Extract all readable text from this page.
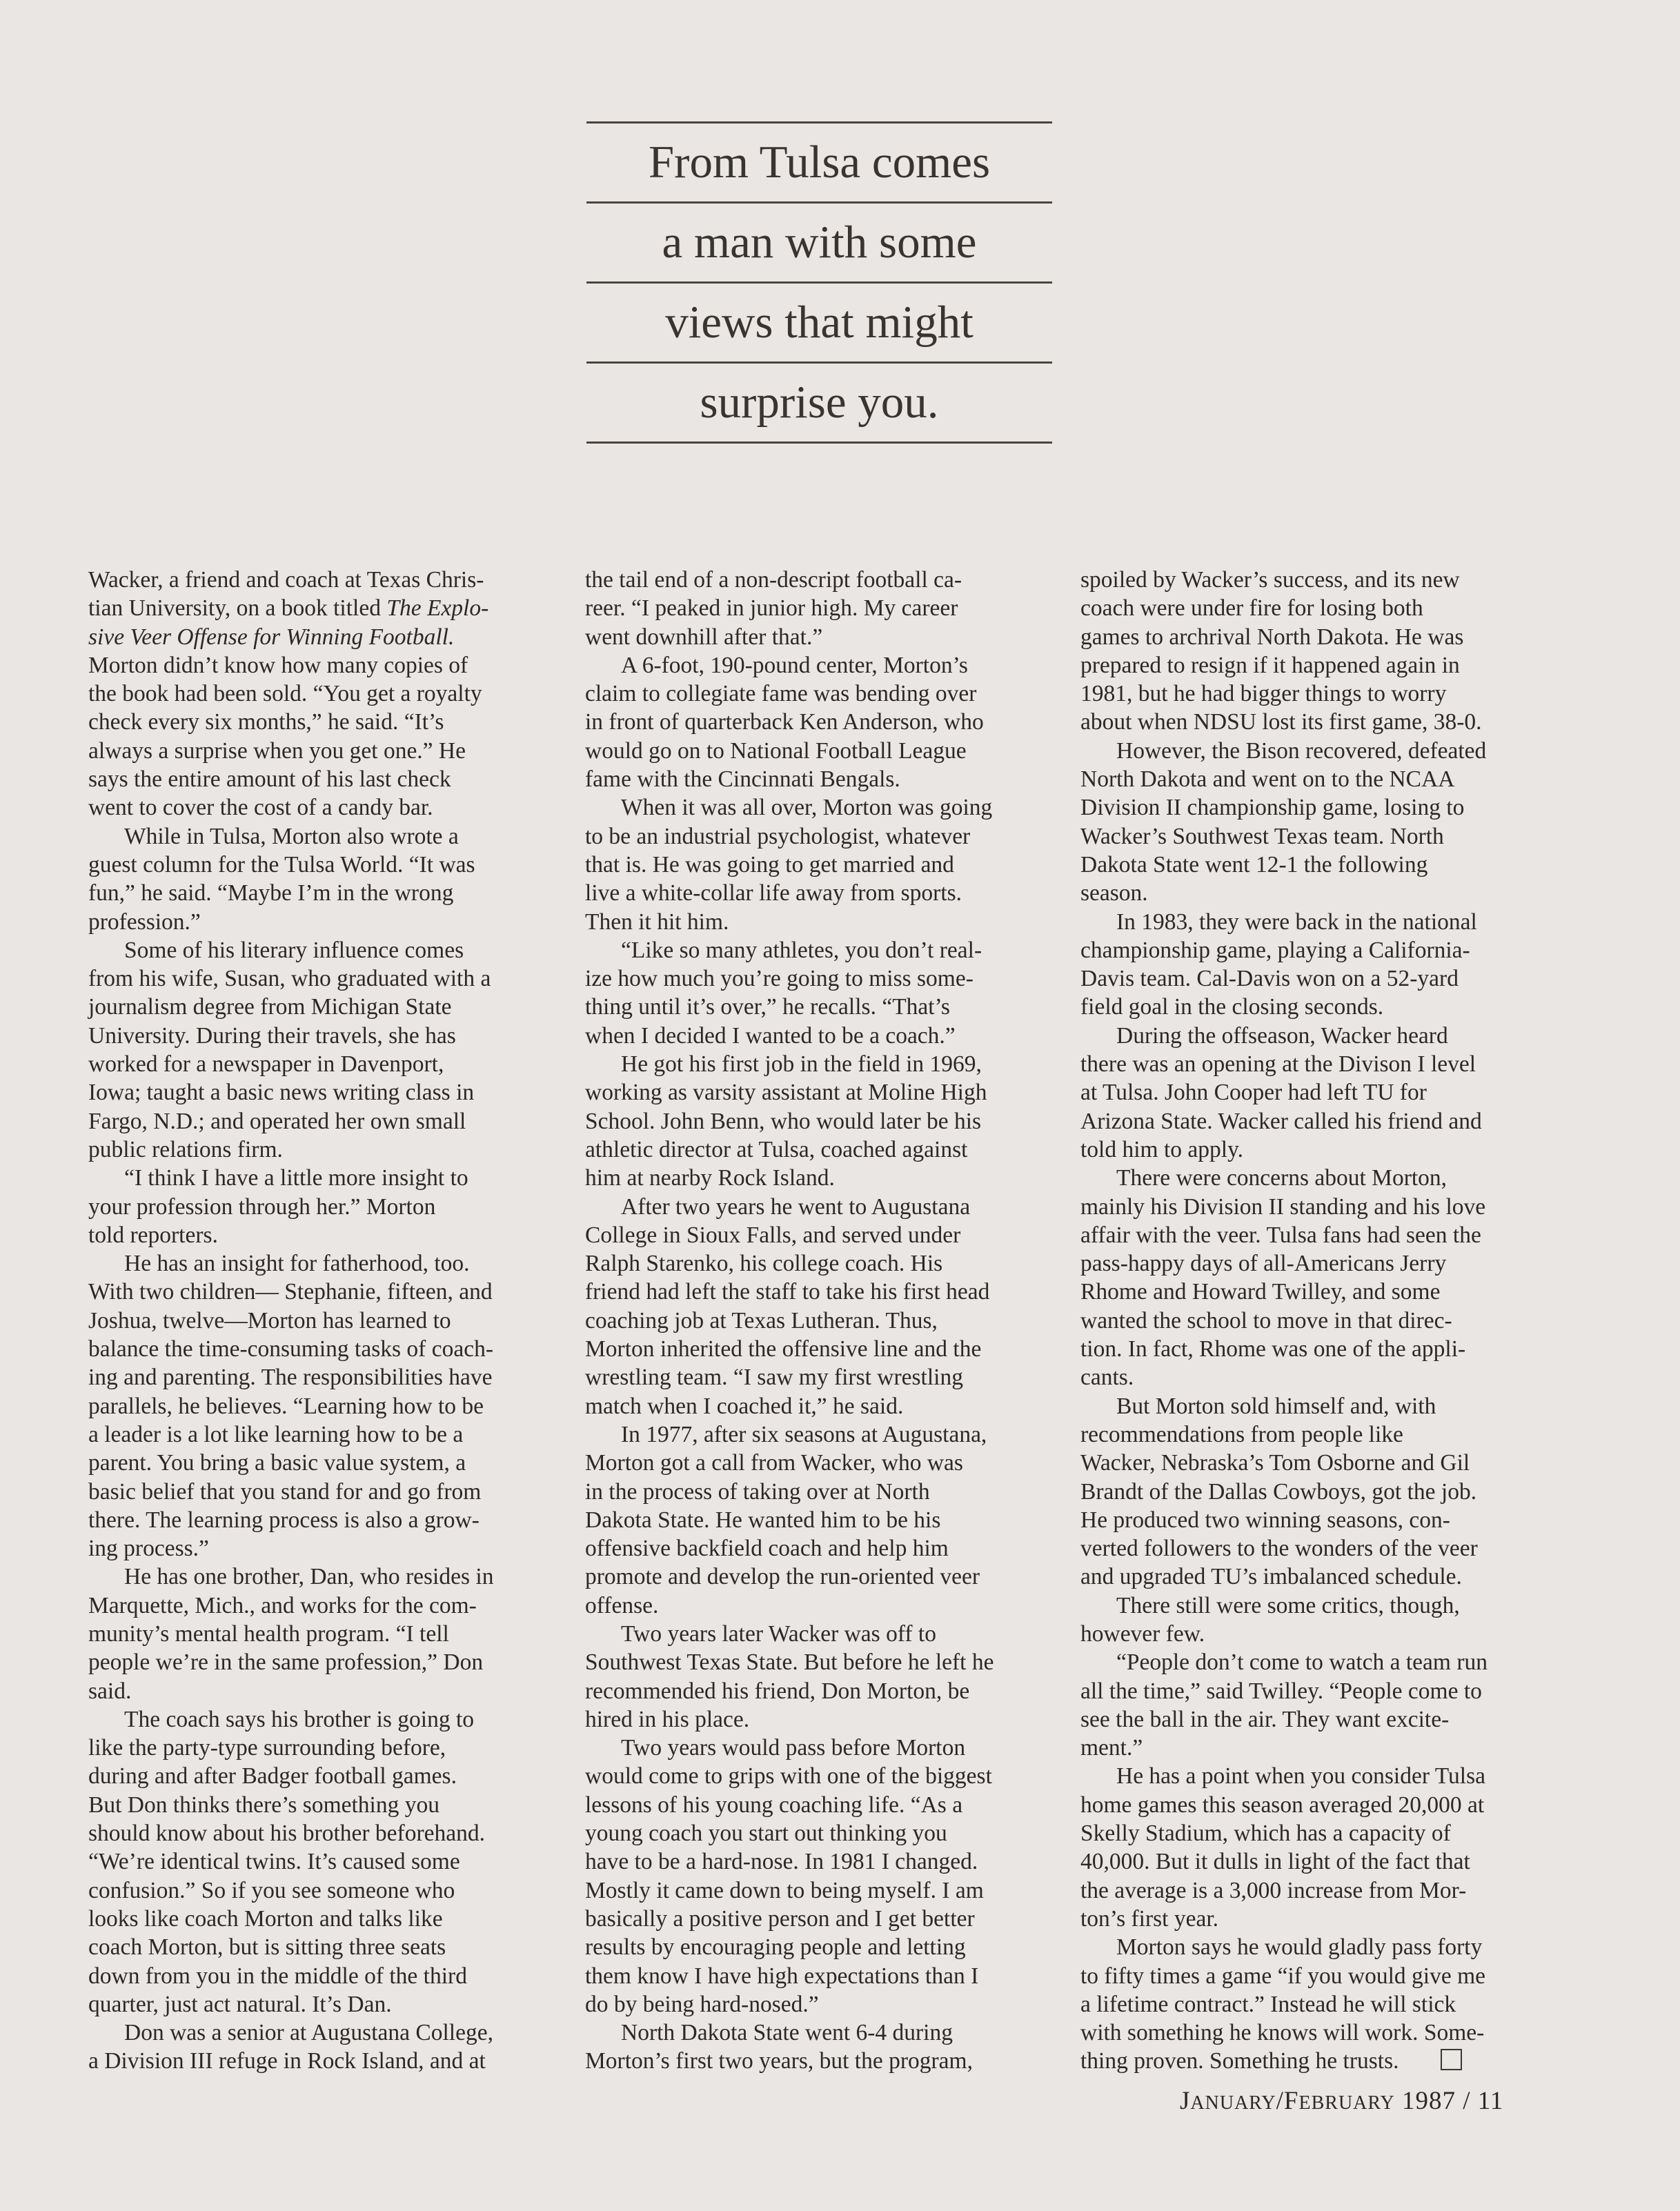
From Tulsa comes
a man with some
views that might
surprise you.
Wacker, a friend and coach at Texas Chris-
tian University, on a book titled The Explo-
sive Veer Offense for Winning Football.
Morton didn’t know how many copies of
the book had been sold. “You get a royalty
check every six months,” he said. “It’s
always a surprise when you get one.” He
says the entire amount of his last check
went to cover the cost of a candy bar.
While in Tulsa, Morton also wrote a
guest column for the Tulsa World. “It was
fun,” he said. “Maybe I’m in the wrong
profession.”
Some of his literary influence comes
from his wife, Susan, who graduated with a
journalism degree from Michigan State
University. During their travels, she has
worked for a newspaper in Davenport,
Iowa; taught a basic news writing class in
Fargo, N.D.; and operated her own small
public relations firm.
“I think I have a little more insight to
your profession through her.” Morton
told reporters.
He has an insight for fatherhood, too.
With two children— Stephanie, fifteen, and
Joshua, twelve—Morton has learned to
balance the time-consuming tasks of coach-
ing and parenting. The responsibilities have
parallels, he believes. “Learning how to be
a leader is a lot like learning how to be a
parent. You bring a basic value system, a
basic belief that you stand for and go from
there. The learning process is also a grow-
ing process.”
He has one brother, Dan, who resides in
Marquette, Mich., and works for the com-
munity’s mental health program. “I tell
people we’re in the same profession,” Don
said.
The coach says his brother is going to
like the party-type surrounding before,
during and after Badger football games.
But Don thinks there’s something you
should know about his brother beforehand.
“We’re identical twins. It’s caused some
confusion.” So if you see someone who
looks like coach Morton and talks like
coach Morton, but is sitting three seats
down from you in the middle of the third
quarter, just act natural. It’s Dan.
Don was a senior at Augustana College,
a Division III refuge in Rock Island, and at
the tail end of a non-descript football ca-
reer. “I peaked in junior high. My career
went downhill after that.”
A 6-foot, 190-pound center, Morton’s
claim to collegiate fame was bending over
in front of quarterback Ken Anderson, who
would go on to National Football League
fame with the Cincinnati Bengals.
When it was all over, Morton was going
to be an industrial psychologist, whatever
that is. He was going to get married and
live a white-collar life away from sports.
Then it hit him.
“Like so many athletes, you don’t real-
ize how much you’re going to miss some-
thing until it’s over,” he recalls. “That’s
when I decided I wanted to be a coach.”
He got his first job in the field in 1969,
working as varsity assistant at Moline High
School. John Benn, who would later be his
athletic director at Tulsa, coached against
him at nearby Rock Island.
After two years he went to Augustana
College in Sioux Falls, and served under
Ralph Starenko, his college coach. His
friend had left the staff to take his first head
coaching job at Texas Lutheran. Thus,
Morton inherited the offensive line and the
wrestling team. “I saw my first wrestling
match when I coached it,” he said.
In 1977, after six seasons at Augustana,
Morton got a call from Wacker, who was
in the process of taking over at North
Dakota State. He wanted him to be his
offensive backfield coach and help him
promote and develop the run-oriented veer
offense.
Two years later Wacker was off to
Southwest Texas State. But before he left he
recommended his friend, Don Morton, be
hired in his place.
Two years would pass before Morton
would come to grips with one of the biggest
lessons of his young coaching life. “As a
young coach you start out thinking you
have to be a hard-nose. In 1981 I changed.
Mostly it came down to being myself. I am
basically a positive person and I get better
results by encouraging people and letting
them know I have high expectations than I
do by being hard-nosed.”
North Dakota State went 6-4 during
Morton’s first two years, but the program,
spoiled by Wacker’s success, and its new
coach were under fire for losing both
games to archrival North Dakota. He was
prepared to resign if it happened again in
1981, but he had bigger things to worry
about when NDSU lost its first game, 38-0.
However, the Bison recovered, defeated
North Dakota and went on to the NCAA
Division II championship game, losing to
Wacker’s Southwest Texas team. North
Dakota State went 12-1 the following
season.
In 1983, they were back in the national
championship game, playing a California-
Davis team. Cal-Davis won on a 52-yard
field goal in the closing seconds.
During the offseason, Wacker heard
there was an opening at the Divison I level
at Tulsa. John Cooper had left TU for
Arizona State. Wacker called his friend and
told him to apply.
There were concerns about Morton,
mainly his Division II standing and his love
affair with the veer. Tulsa fans had seen the
pass-happy days of all-Americans Jerry
Rhome and Howard Twilley, and some
wanted the school to move in that direc-
tion. In fact, Rhome was one of the appli-
cants.
But Morton sold himself and, with
recommendations from people like
Wacker, Nebraska’s Tom Osborne and Gil
Brandt of the Dallas Cowboys, got the job.
He produced two winning seasons, con-
verted followers to the wonders of the veer
and upgraded TU’s imbalanced schedule.
There still were some critics, though,
however few.
“People don’t come to watch a team run
all the time,” said Twilley. “People come to
see the ball in the air. They want excite-
ment.”
He has a point when you consider Tulsa
home games this season averaged 20,000 at
Skelly Stadium, which has a capacity of
40,000. But it dulls in light of the fact that
the average is a 3,000 increase from Mor-
ton’s first year.
Morton says he would gladly pass forty
to fifty times a game “if you would give me
a lifetime contract.” Instead he will stick
with something he knows will work. Some-
thing proven. Something he trusts.
JANUARY/FEBRUARY 1987 / 11
